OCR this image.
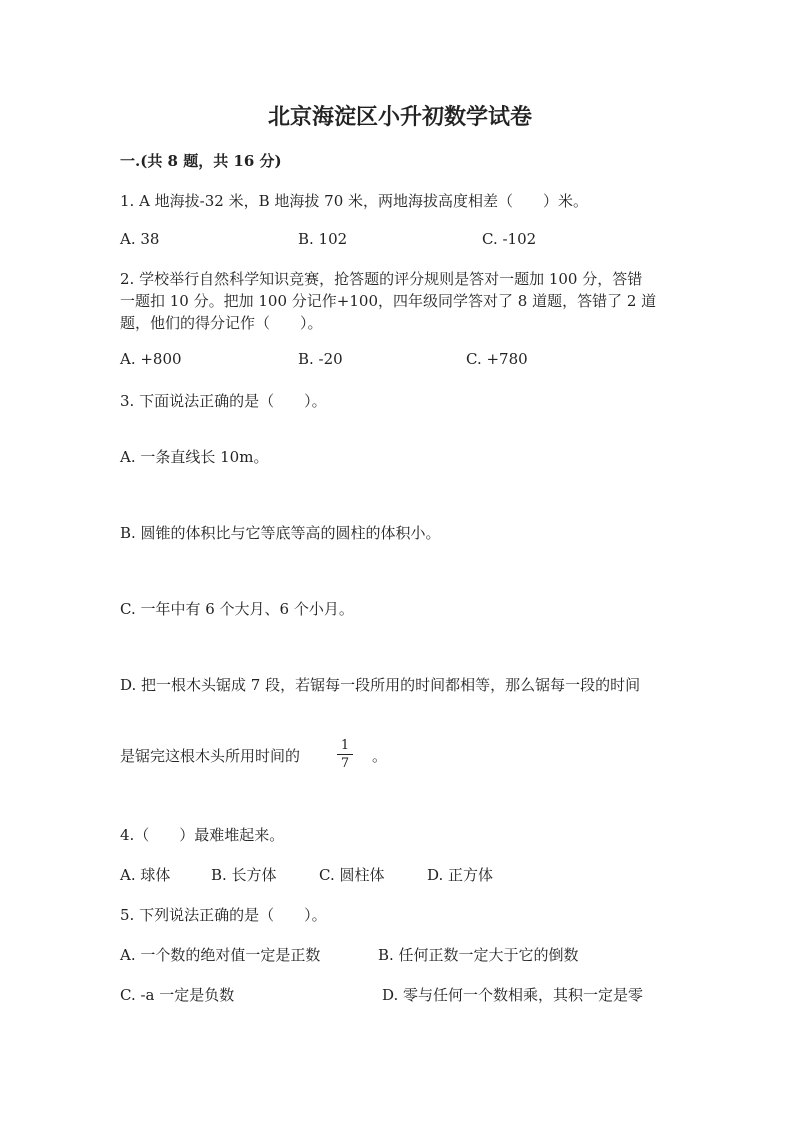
北京海淀区小升初数学试卷
一.(共 8 题，共 16 分)
1. A 地海拔-32 米，B 地海拔 70 米，两地海拔高度相差（　　）米。
A. 38	B. 102	C. -102
2. 学校举行自然科学知识竞赛，抢答题的评分规则是答对一题加 100 分，答错
一题扣 10 分。把加 100 分记作+100，四年级同学答对了 8 道题，答错了 2 道
题，他们的得分记作（　　）。
A. +800	B. -20	C. +780
3. 下面说法正确的是（　　）。
A. 一条直线长 10m。
B. 圆锥的体积比与它等底等高的圆柱的体积小。
C. 一年中有 6 个大月、6 个小月。
D. 把一根木头锯成 7 段，若锯每一段所用的时间都相等，那么锯每一段的时间
是锯完这根木头所用时间的
1
7 。
4.（　　）最难堆起来。
A. 球体	B. 长方体	C. 圆柱体	D. 正方体
5. 下列说法正确的是（　　）。
A. 一个数的绝对值一定是正数	B. 任何正数一定大于它的倒数
C. -a 一定是负数	D. 零与任何一个数相乘，其积一定是零
